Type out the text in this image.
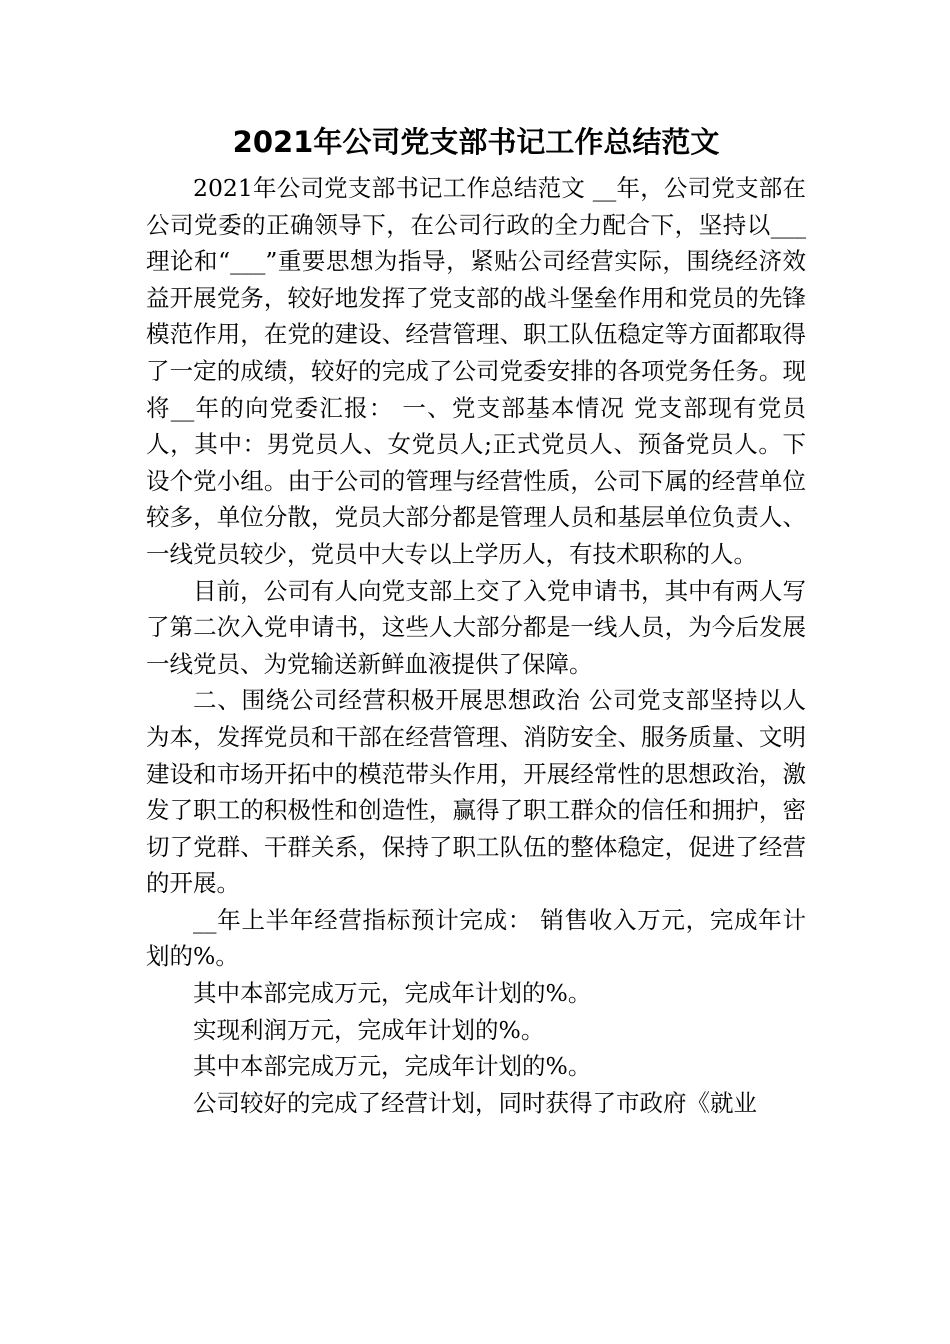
2021年公司党支部书记工作总结范文

2021年公司党支部书记工作总结范文 __年，公司党支部在公司党委的正确领导下，在公司行政的全力配合下，坚持以___理论和“___”重要思想为指导，紧贴公司经营实际，围绕经济效益开展党务，较好地发挥了党支部的战斗堡垒作用和党员的先锋模范作用，在党的建设、经营管理、职工队伍稳定等方面都取得了一定的成绩，较好的完成了公司党委安排的各项党务任务。现将__年的向党委汇报： 一、党支部基本情况 党支部现有党员人，其中：男党员人、女党员人;正式党员人、预备党员人。下设个党小组。由于公司的管理与经营性质，公司下属的经营单位较多，单位分散，党员大部分都是管理人员和基层单位负责人、一线党员较少，党员中大专以上学历人，有技术职称的人。

目前，公司有人向党支部上交了入党申请书，其中有两人写了第二次入党申请书，这些人大部分都是一线人员，为今后发展一线党员、为党输送新鲜血液提供了保障。

二、围绕公司经营积极开展思想政治 公司党支部坚持以人为本，发挥党员和干部在经营管理、消防安全、服务质量、文明建设和市场开拓中的模范带头作用，开展经常性的思想政治，激发了职工的积极性和创造性，赢得了职工群众的信任和拥护，密切了党群、干群关系，保持了职工队伍的整体稳定，促进了经营的开展。

__年上半年经营指标预计完成： 销售收入万元，完成年计划的%。

其中本部完成万元，完成年计划的%。

实现利润万元，完成年计划的%。

其中本部完成万元，完成年计划的%。

公司较好的完成了经营计划，同时获得了市政府《就业
